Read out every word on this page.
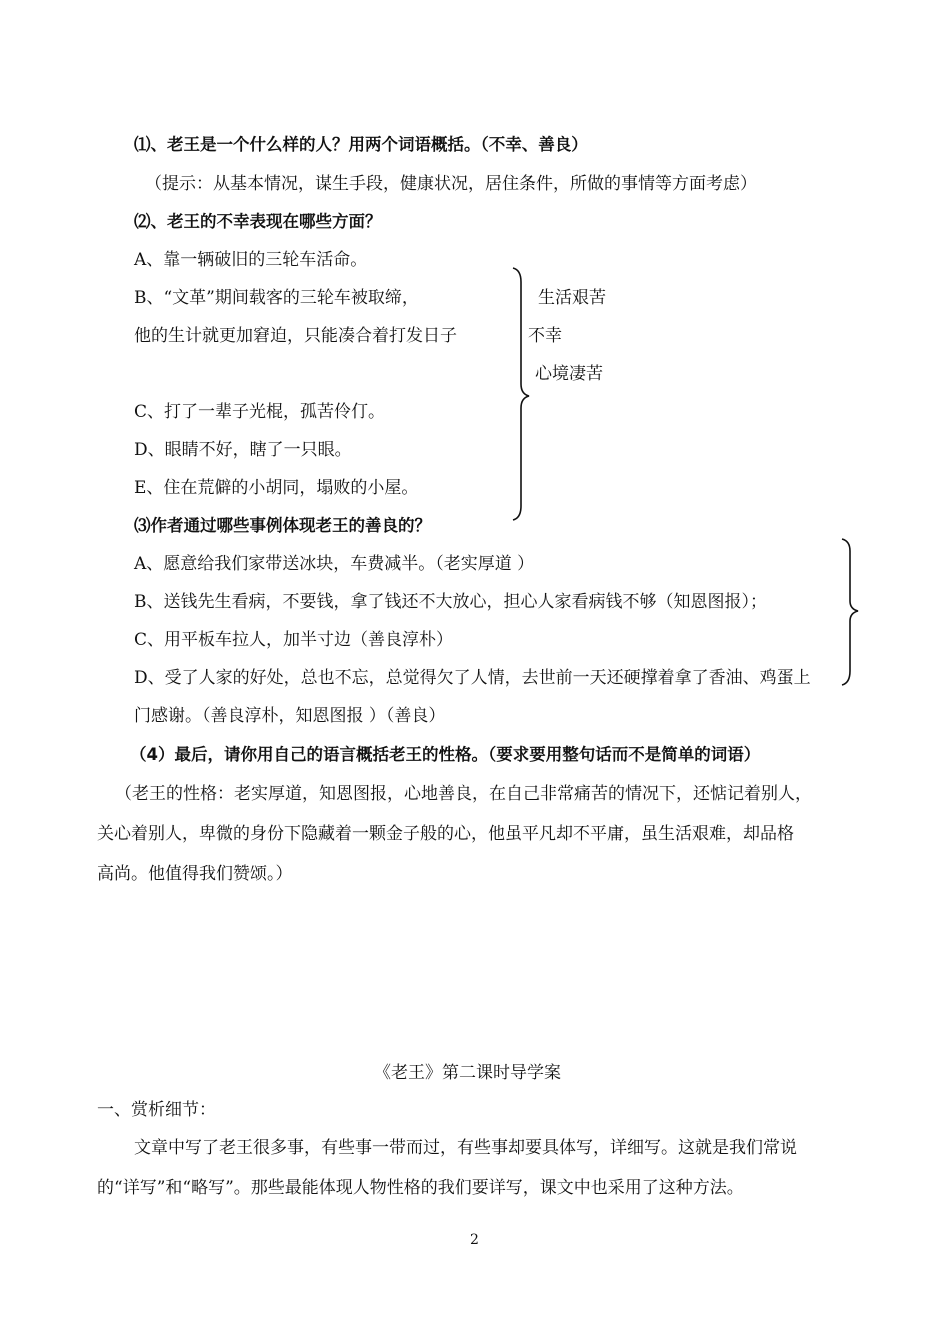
⑴、老王是一个什么样的人？用两个词语概括。（不幸、善良）
（提示：从基本情况，谋生手段，健康状况，居住条件，所做的事情等方面考虑）
⑵、老王的不幸表现在哪些方面？
A、靠一辆破旧的三轮车活命。
B、“文革”期间载客的三轮车被取缔，
他的生计就更加窘迫，只能凑合着打发日子
C、打了一辈子光棍，孤苦伶仃。
D、眼睛不好，瞎了一只眼。
E、住在荒僻的小胡同，塌败的小屋。
生活艰苦
不幸
心境凄苦
⑶作者通过哪些事例体现老王的善良的？
A、愿意给我们家带送冰块，车费减半。（老实厚道 ）
B、送钱先生看病，不要钱，拿了钱还不大放心，担心人家看病钱不够（知恩图报）；
C、用平板车拉人，加半寸边（善良淳朴）
D、受了人家的好处，总也不忘，总觉得欠了人情，去世前一天还硬撑着拿了香油、鸡蛋上
门感谢。（善良淳朴，知恩图报 ）（善良）
（4）最后，请你用自己的语言概括老王的性格。（要求要用整句话而不是简单的词语）
（老王的性格：老实厚道，知恩图报，心地善良，在自己非常痛苦的情况下，还惦记着别人，
关心着别人，卑微的身份下隐藏着一颗金子般的心，他虽平凡却不平庸，虽生活艰难，却品格
高尚。他值得我们赞颂。）
《老王》第二课时导学案
一、赏析细节：
文章中写了老王很多事，有些事一带而过，有些事却要具体写，详细写。这就是我们常说
的“详写”和“略写”。那些最能体现人物性格的我们要详写，课文中也采用了这种方法。
2
